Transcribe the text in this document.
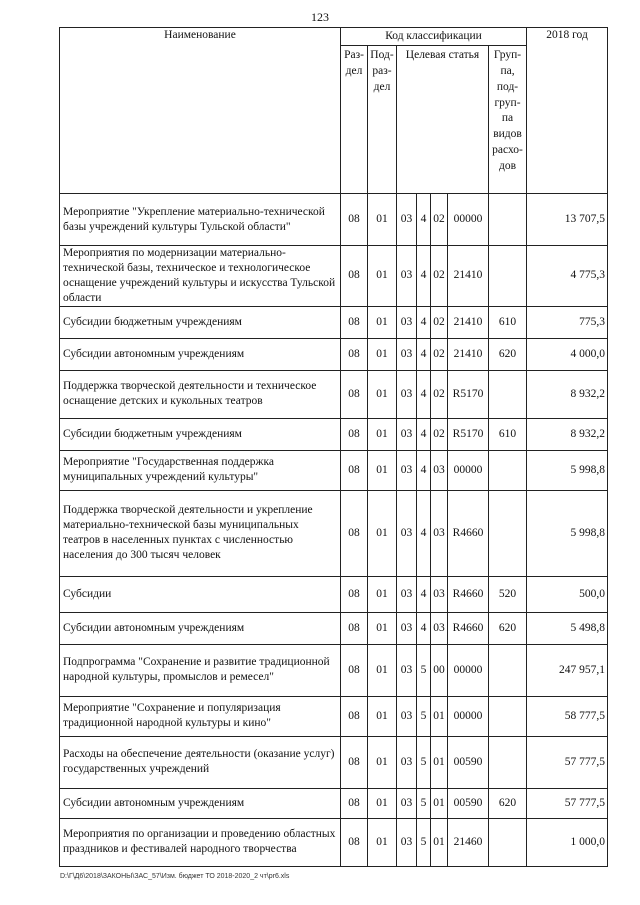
123
Наименование	Код классификации							2018 год
	Раз-дел	Под-раз-дел	Целевая статья				Груп-па, под-груп-па видов расхо-дов	
Мероприятие "Укрепление материально-технической базы учреждений культуры Тульской области"	08	01	03	4	02	00000		13 707,5
Мероприятия по модернизации материально-технической базы, техническое и технологическое оснащение учреждений культуры и искусства Тульской области	08	01	03	4	02	21410		4 775,3
Субсидии бюджетным учреждениям	08	01	03	4	02	21410	610	775,3
Субсидии автономным учреждениям	08	01	03	4	02	21410	620	4 000,0
Поддержка творческой деятельности и техническое оснащение детских и кукольных театров	08	01	03	4	02	R5170		8 932,2
Субсидии бюджетным учреждениям	08	01	03	4	02	R5170	610	8 932,2
Мероприятие "Государственная поддержка муниципальных учреждений культуры"	08	01	03	4	03	00000		5 998,8
Поддержка творческой деятельности и укрепление материально-технической базы муниципальных театров в населенных пунктах с численностью населения до 300 тысяч человек	08	01	03	4	03	R4660		5 998,8
Субсидии	08	01	03	4	03	R4660	520	500,0
Субсидии автономным учреждениям	08	01	03	4	03	R4660	620	5 498,8
Подпрограмма "Сохранение и развитие традиционной народной культуры, промыслов и ремесел"	08	01	03	5	00	00000		247 957,1
Мероприятие "Сохранение и популяризация традиционной народной культуры и кино"	08	01	03	5	01	00000		58 777,5
Расходы на обеспечение деятельности (оказание услуг) государственных учреждений	08	01	03	5	01	00590		57 777,5
Субсидии автономным учреждениям	08	01	03	5	01	00590	620	57 777,5
Мероприятия по организации и проведению областных праздников и фестивалей народного творчества	08	01	03	5	01	21460		1 000,0
D:\Г\Д6\2018\ЗАКОНЫ\ЗАС_57\Изм. бюджет ТО 2018-2020_2 чт\pr6.xls
